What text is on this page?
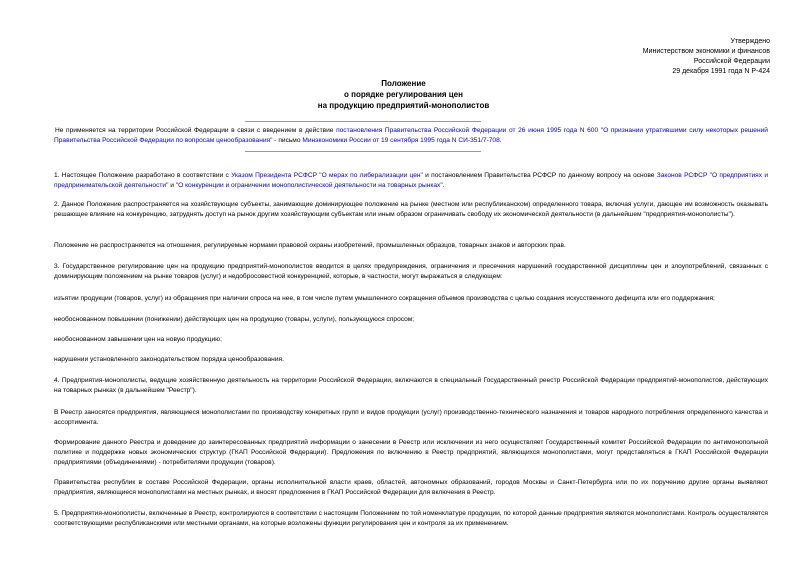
Утверждено
Министерством экономики и финансов
Российской Федерации
29 декабря 1991 года N Р-424
Положение
о порядке регулирования цен
на продукцию предприятий-монополистов
Не применяется на территории Российской Федерации в связи с введением в действие постановления Правительства Российской Федерации от 26 июня 1995 года N 600 "О признании утратившими силу некоторых решений Правительства Российской Федерации по вопросам ценообразования" - письмо Минэкономики России от 19 сентября 1995 года N СИ-351/7-708.
1. Настоящее Положение разработано в соответствии с Указом Президента РСФСР "О мерах по либерализации цен" и постановлением Правительства РСФСР по данному вопросу на основе Законов РСФСР "О предприятиях и предпринимательской деятельности" и "О конкуренции и ограничении монополистической деятельности на товарных рынках".
2. Данное Положение распространяется на хозяйствующие субъекты, занимающие доминирующее положение на рынке (местном или республиканском) определенного товара, включая услуги, дающее им возможность оказывать решающее влияние на конкуренцию, затруднять доступ на рынок другим хозяйствующим субъектам или иным образом ограничивать свободу их экономической деятельности (в дальнейшем "предприятия-монополисты").
Положение не распространяется на отношения, регулируемые нормами правовой охраны изобретений, промышленных образцов, товарных знаков и авторских прав.
3. Государственное регулирование цен на продукцию предприятий-монополистов вводится в целях предупреждения, ограничения и пресечения нарушений государственной дисциплины цен и злоупотреблений, связанных с доминирующим положением на рынке товаров (услуг) и недобросовестной конкуренцией, которые, в частности, могут выражаться в следующем:
изъятии продукции (товаров, услуг) из обращения при наличии спроса на нее, в том числе путем умышленного сокращения объемов производства с целью создания искусственного дефицита или его поддержания;
необоснованном повышении (понижении) действующих цен на продукцию (товары, услуги), пользующуюся спросом;
необоснованном завышении цен на новую продукцию;
нарушении установленного законодательством порядка ценообразования.
4. Предприятия-монополисты, ведущие хозяйственную деятельность на территории Российской Федерации, включаются в специальный Государственный реестр Российской Федерации предприятий-монополистов, действующих на товарных рынках (в дальнейшем "Реестр").
В Реестр заносятся предприятия, являющиеся монополистами по производству конкретных групп и видов продукции (услуг) производственно-технического назначения и товаров народного потребления определенного качества и ассортимента.
Формирование данного Реестра и доведение до заинтересованных предприятий информации о занесении в Реестр или исключении из него осуществляет Государственный комитет Российской Федерации по антимонопольной политике и поддержке новых экономических структур (ГКАП Российской Федерации). Предложения по включению в Реестр предприятий, являющихся монополистами, могут представляться в ГКАП Российской Федерации предприятиями (объединениями) - потребителями продукции (товаров).
Правительства республик в составе Российской Федерации, органы исполнительной власти краев, областей, автономных образований, городов Москвы и Санкт-Петербурга или по их поручению другие органы выявляют предприятия, являющиеся монополистами на местных рынках, и вносят предложения в ГКАП Российской Федерации для включения в Реестр.
5. Предприятия-монополисты, включенные в Реестр, контролируются в соответствии с настоящим Положением по той номенклатуре продукции, по которой данные предприятия являются монополистами. Контроль осуществляется соответствующими республиканскими или местными органами, на которые возложены функции регулирования цен и контроля за их применением.
